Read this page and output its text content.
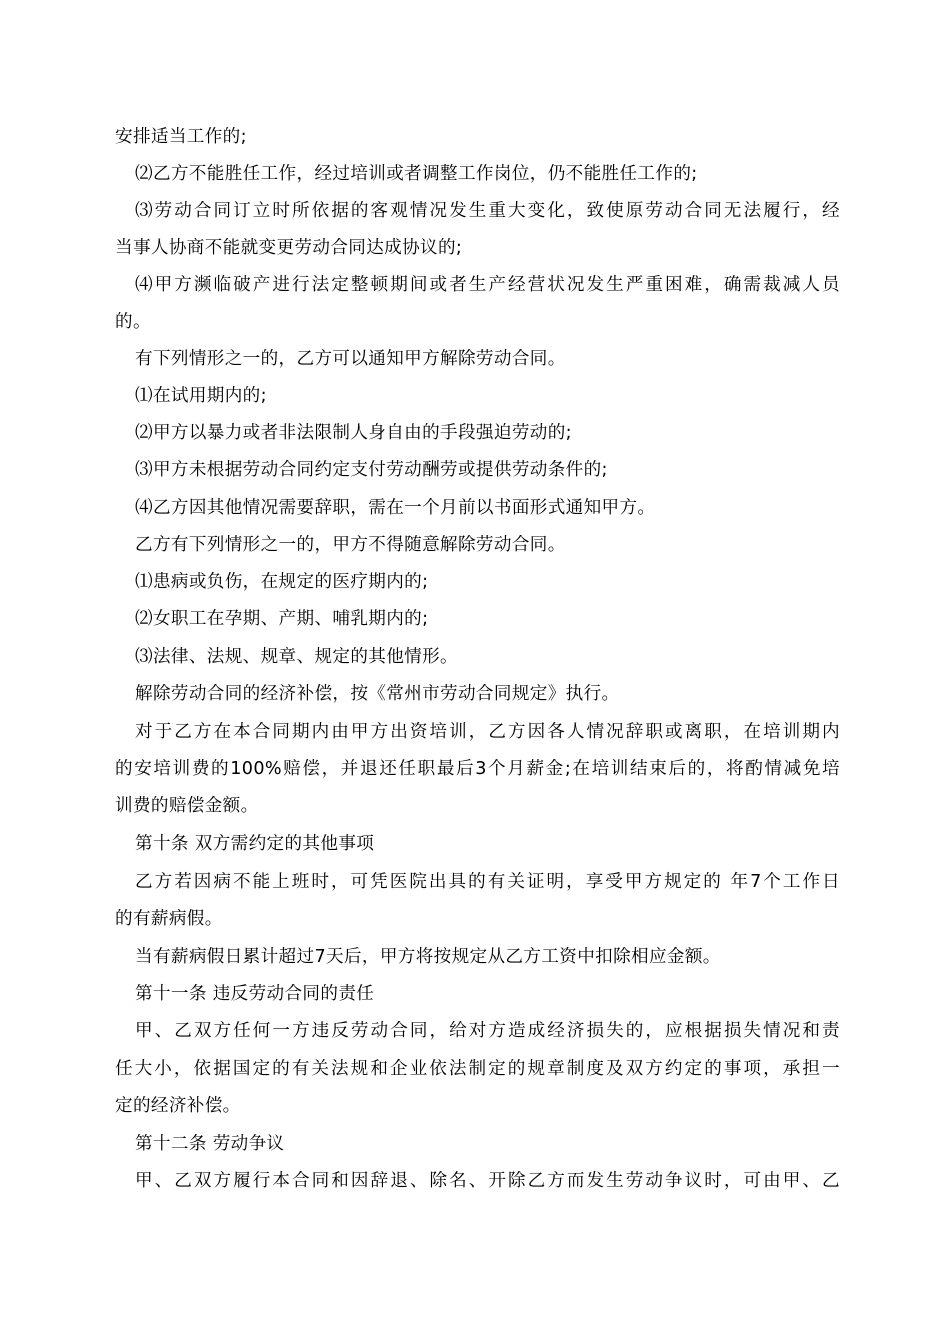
安排适当工作的;
⑵乙方不能胜任工作，经过培训或者调整工作岗位，仍不能胜任工作的;
⑶劳动合同订立时所依据的客观情况发生重大变化，致使原劳动合同无法履行，经
当事人协商不能就变更劳动合同达成协议的;
⑷甲方濒临破产进行法定整顿期间或者生产经营状况发生严重困难，确需裁减人员
的。
有下列情形之一的，乙方可以通知甲方解除劳动合同。
⑴在试用期内的;
⑵甲方以暴力或者非法限制人身自由的手段强迫劳动的;
⑶甲方未根据劳动合同约定支付劳动酬劳或提供劳动条件的;
⑷乙方因其他情况需要辞职，需在一个月前以书面形式通知甲方。
乙方有下列情形之一的，甲方不得随意解除劳动合同。
⑴患病或负伤，在规定的医疗期内的;
⑵女职工在孕期、产期、哺乳期内的;
⑶法律、法规、规章、规定的其他情形。
解除劳动合同的经济补偿，按《常州市劳动合同规定》执行。
对于乙方在本合同期内由甲方出资培训，乙方因各人情况辞职或离职，在培训期内
的安培训费的100%赔偿，并退还任职最后3个月薪金;在培训结束后的，将酌情减免培
训费的赔偿金额。
第十条 双方需约定的其他事项
乙方若因病不能上班时，可凭医院出具的有关证明，享受甲方规定的 年7个工作日
的有薪病假。
当有薪病假日累计超过7天后，甲方将按规定从乙方工资中扣除相应金额。
第十一条 违反劳动合同的责任
甲、乙双方任何一方违反劳动合同，给对方造成经济损失的，应根据损失情况和责
任大小，依据国定的有关法规和企业依法制定的规章制度及双方约定的事项，承担一
定的经济补偿。
第十二条 劳动争议
甲、乙双方履行本合同和因辞退、除名、开除乙方而发生劳动争议时，可由甲、乙
